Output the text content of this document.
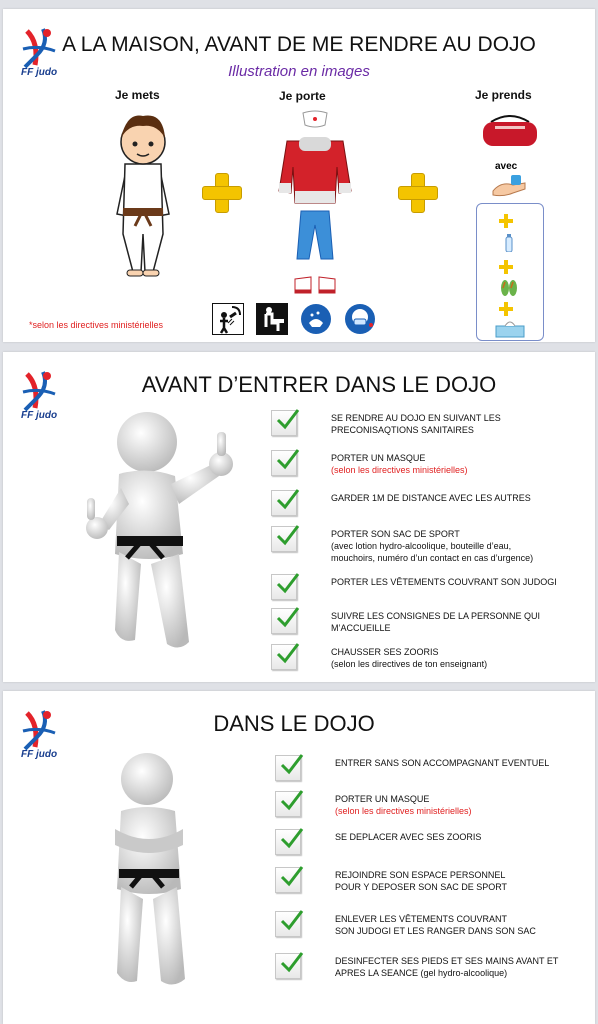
FF judo
A LA MAISON, AVANT DE ME RENDRE AU DOJO
Illustration en images
Je mets	Je porte	Je prends
avec
*selon les directives ministérielles
FF judo
AVANT D’ENTRER DANS LE DOJO
SE RENDRE AU DOJO EN SUIVANT LES
PRECONISAQTIONS SANITAIRES
PORTER UN MASQUE
(selon les directives ministérielles)
GARDER 1M DE DISTANCE AVEC LES AUTRES
PORTER SON SAC DE SPORT
(avec lotion hydro-alcoolique, bouteille d’eau,
mouchoirs, numéro d’un contact en cas d’urgence)
PORTER LES VÊTEMENTS COUVRANT SON JUDOGI
SUIVRE LES CONSIGNES DE LA PERSONNE QUI
M’ACCUEILLE
CHAUSSER SES ZOORIS
(selon les directives de ton enseignant)
FF judo
DANS LE DOJO
ENTRER SANS SON ACCOMPAGNANT EVENTUEL
PORTER UN MASQUE
(selon les directives ministérielles)
SE DEPLACER AVEC SES ZOORIS
REJOINDRE SON ESPACE PERSONNEL
POUR Y DEPOSER SON SAC DE SPORT
ENLEVER LES VÊTEMENTS COUVRANT
SON JUDOGI ET LES RANGER DANS SON SAC
DESINFECTER SES PIEDS ET SES MAINS AVANT ET
APRES LA SEANCE (gel hydro-alcoolique)
